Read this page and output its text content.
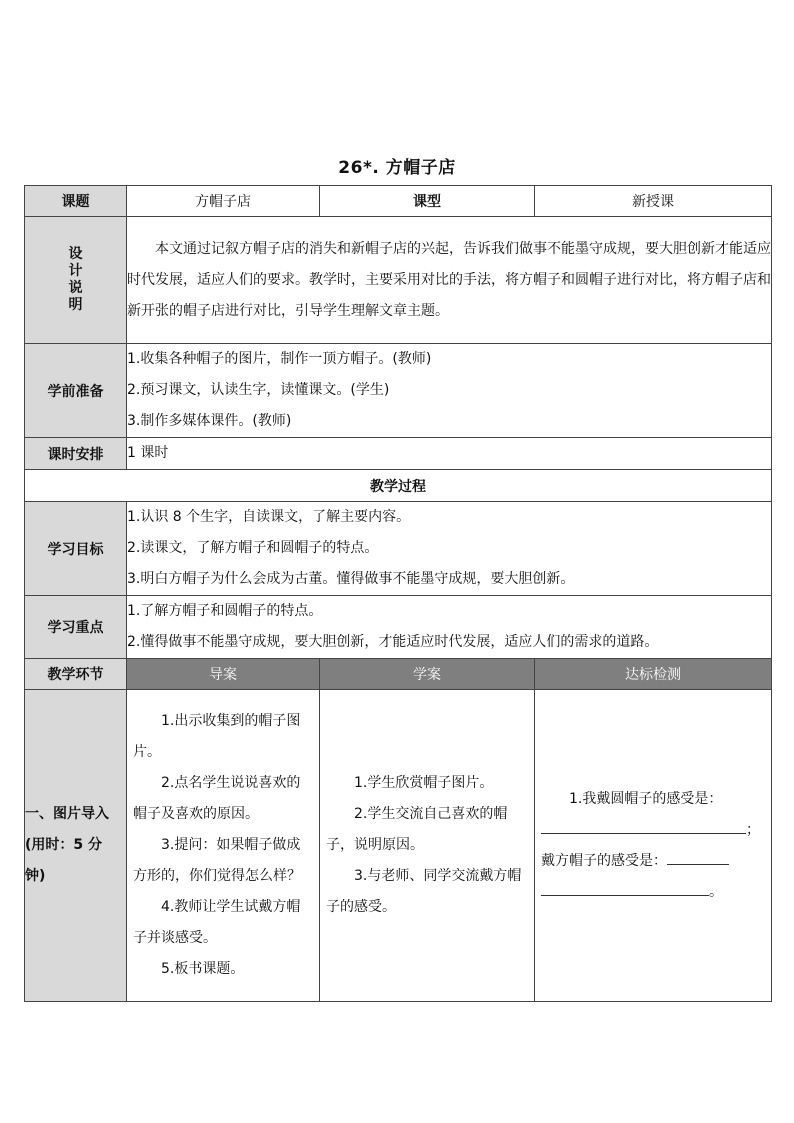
26*. 方帽子店
课题	方帽子店	课型	新授课

设
计
说
明	本文通过记叙方帽子店的消失和新帽子店的兴起，告诉我们做事不能墨守成规，要大胆创新才能适应时代发展，适应人们的要求。教学时，主要采用对比的手法，将方帽子和圆帽子进行对比，将方帽子店和新开张的帽子店进行对比，引导学生理解文章主题。		
学前准备	1.收集各种帽子的图片，制作一顶方帽子。(教师)
2.预习课文，认读生字，读懂课文。(学生)
3.制作多媒体课件。(教师)		

课时安排	1 课时		
教学过程			
学习目标	1.认识 8 个生字，自读课文，了解主要内容。
2.读课文，了解方帽子和圆帽子的特点。
3.明白方帽子为什么会成为古董。懂得做事不能墨守成规，要大胆创新。		

学习重点	1.了解方帽子和圆帽子的特点。
2.懂得做事不能墨守成规，要大胆创新，才能适应时代发展，适应人们的需求的道路。		

教学环节	导案	学案	达标检测

一、图片导入
(用时：5 分
钟)	1.出示收集到的帽子图片。
2.点名学生说说喜欢的帽子及喜欢的原因。
3.提问：如果帽子做成方形的，你们觉得怎么样？
4.教师让学生试戴方帽子并谈感受。
5.板书课题。	1.学生欣赏帽子图片。
2.学生交流自己喜欢的帽子，说明原因。
3.与老师、同学交流戴方帽子的感受。	1.我戴圆帽子的感受是：
；
戴方帽子的感受是：
。
